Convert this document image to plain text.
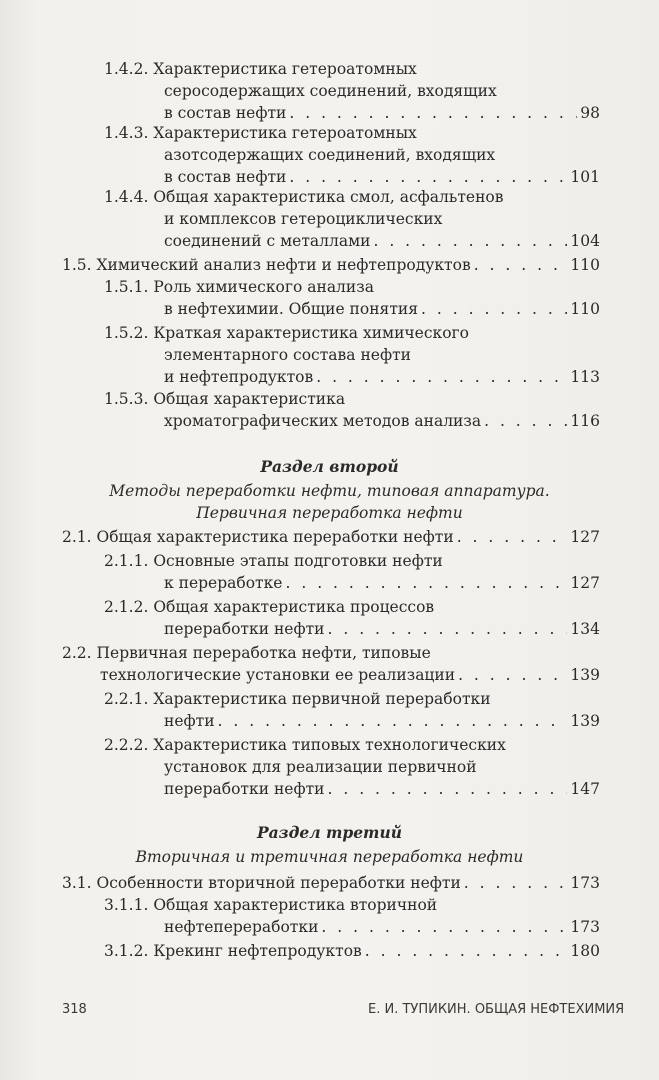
1.4.2. Характеристика гетероатомных
серосодержащих соединений, входящих
в состав нефти . . .	98
1.4.3. Характеристика гетероатомных
азотсодержащих соединений, входящих
в состав нефти . . .	101
1.4.4. Общая характеристика смол, асфальтенов
и комплексов гетероциклических
соединений с металлами . . .	104
1.5. Химический анализ нефти и нефтепродуктов . . .	110
1.5.1. Роль химического анализа
в нефтехимии. Общие понятия . . .	110
1.5.2. Краткая характеристика химического
элементарного состава нефти
и нефтепродуктов . . .	113
1.5.3. Общая характеристика
хроматографических методов анализа . . .	116
Раздел второй
Методы переработки нефти, типовая аппаратура.
Первичная переработка нефти
2.1. Общая характеристика переработки нефти . . .	127
2.1.1. Основные этапы подготовки нефти
к переработке . . .	127
2.1.2. Общая характеристика процессов
переработки нефти . . .	134
2.2. Первичная переработка нефти, типовые
технологические установки ее реализации . . .	139
2.2.1. Характеристика первичной переработки
нефти . . .	139
2.2.2. Характеристика типовых технологических
установок для реализации первичной
переработки нефти . . .	147
Раздел третий
Вторичная и третичная переработка нефти
3.1. Особенности вторичной переработки нефти . . .	173
3.1.1. Общая характеристика вторичной
нефтепереработки . . .	173
3.1.2. Крекинг нефтепродуктов . . .	180
318	Е. И. ТУПИКИН. ОБЩАЯ НЕФТЕХИМИЯ
